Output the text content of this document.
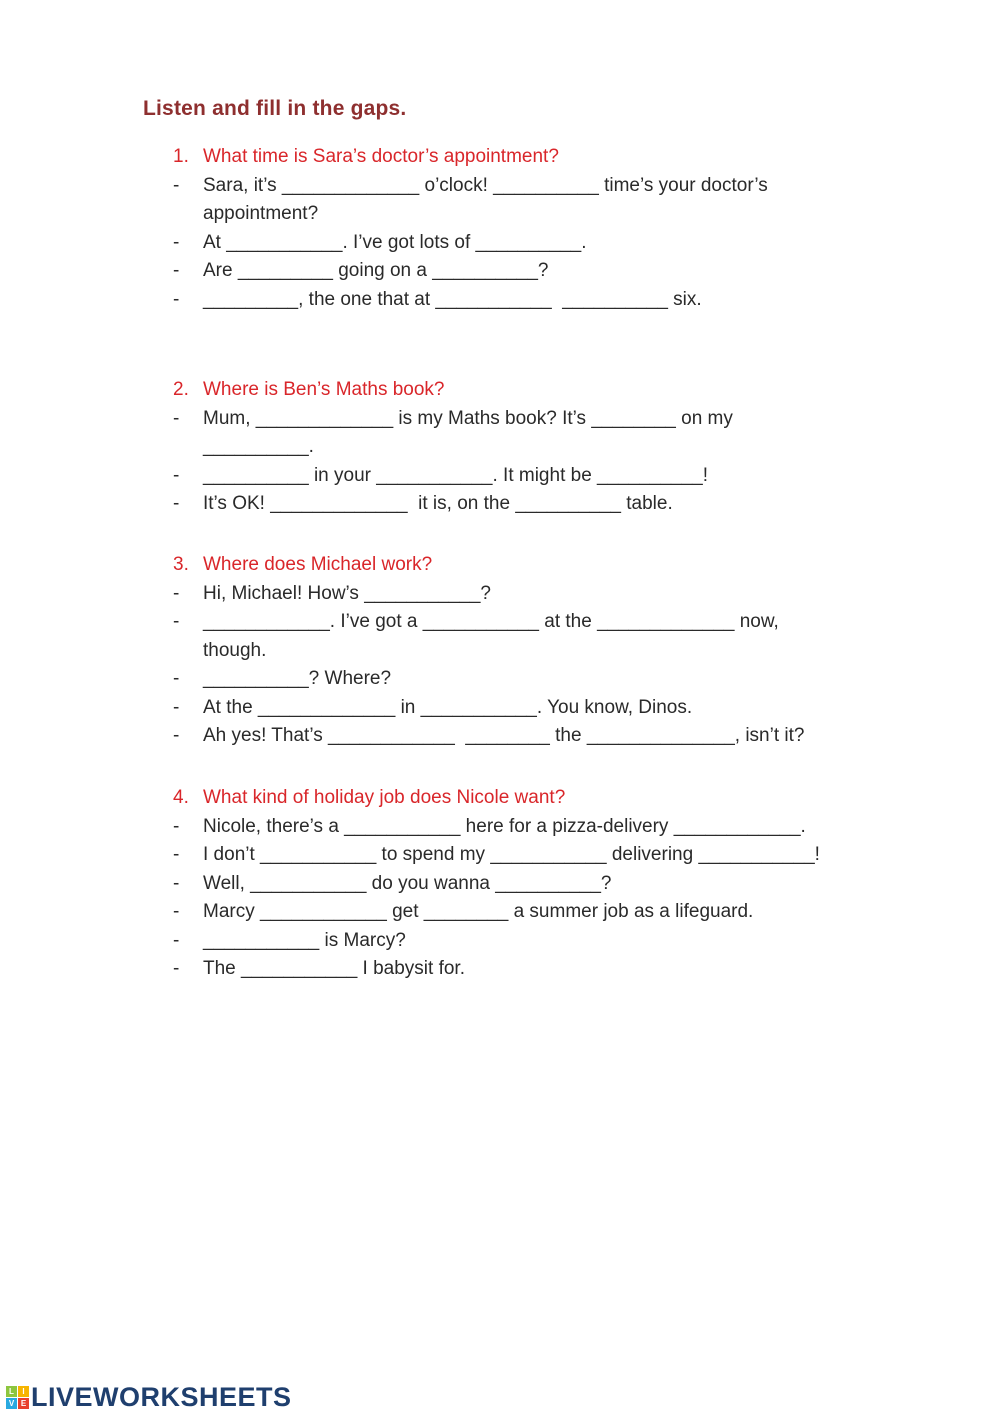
Listen and fill in the gaps.
1. What time is Sara’s doctor’s appointment?
-	Sara, it’s _____________ o’clock! __________ time’s your doctor’s appointment?
-	At ___________. I’ve got lots of __________.
-	Are _________ going on a __________?
-	_________, the one that at ___________  __________ six.
2. Where is Ben’s Maths book?
-	Mum, _____________ is my Maths book? It’s ________ on my __________.
-	__________ in your ___________. It might be __________!
-	It’s OK! _____________  it is, on the __________ table.
3. Where does Michael work?
-	Hi, Michael! How’s ___________?
-	____________. I’ve got a ___________ at the _____________ now, though.
-	__________? Where?
-	At the _____________ in ___________. You know, Dinos.
-	Ah yes! That’s ____________  ________ the ______________, isn’t it?
4. What kind of holiday job does Nicole want?
-	Nicole, there’s a ___________ here for a pizza-delivery ____________.
-	I don’t ___________ to spend my ___________ delivering ___________!
-	Well, ___________ do you wanna __________?
-	Marcy ____________ get ________ a summer job as a lifeguard.
-	___________ is Marcy?
-	The ___________ I babysit for.
L	I
V E LIVEWORKSHEETS
